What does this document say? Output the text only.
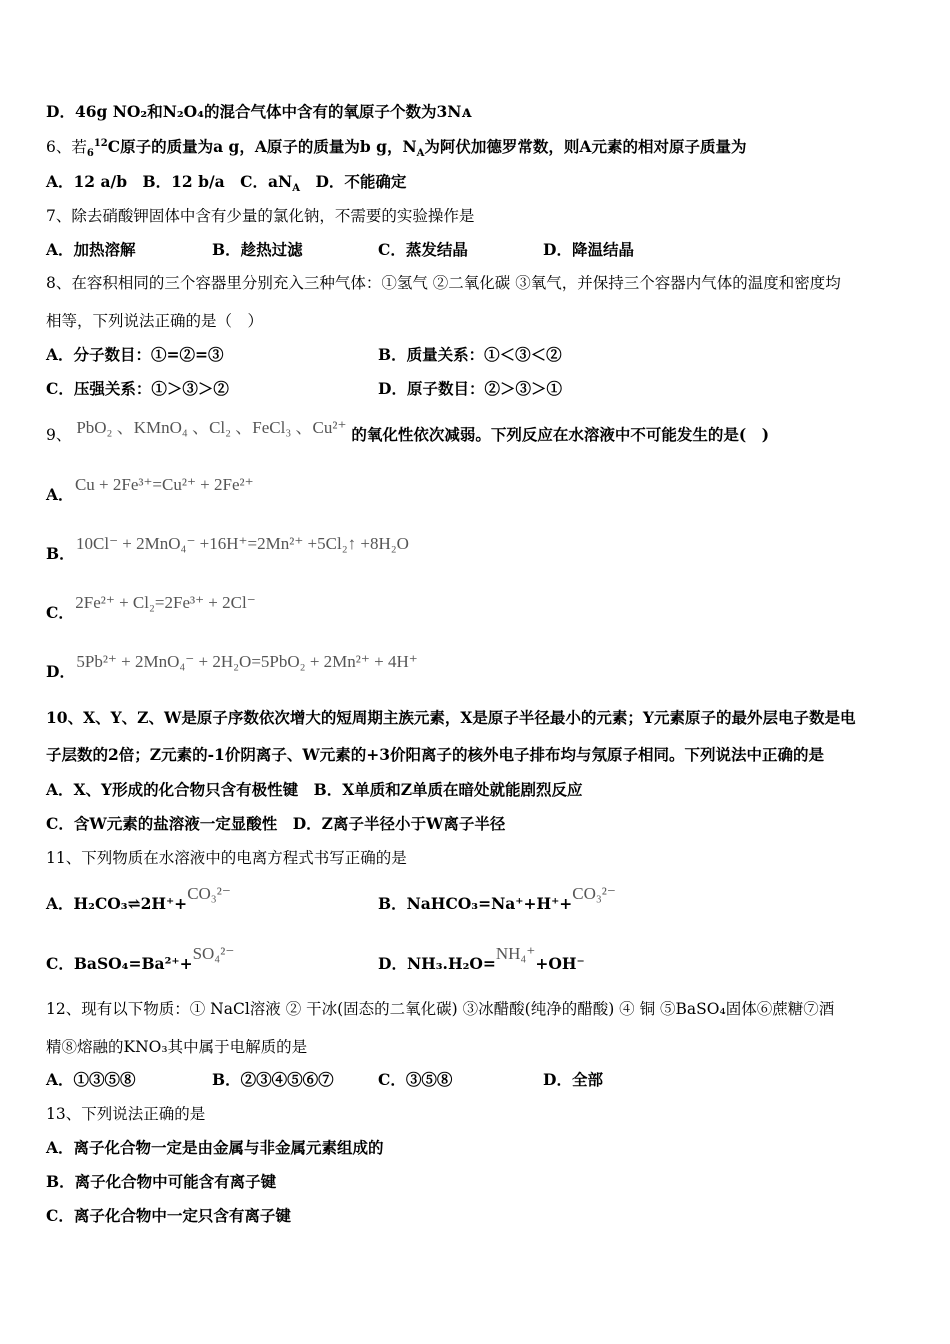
D．46g NO₂和N₂O₄的混合气体中含有的氧原子个数为3Nᴀ
6、若$_6^{12}$C原子的质量为a g，A原子的质量为b g，$N_A$为阿伏加德罗常数，则A元素的相对原子质量为
A．12 a/b　B．12 b/a　C．$aN_A$　D．不能确定
7、除去硝酸钾固体中含有少量的氯化钠，不需要的实验操作是
A．加热溶解	B．趁热过滤	C．蒸发结晶	D．降温结晶
8、在容积相同的三个容器里分别充入三种气体：①氢气 ②二氧化碳 ③氧气，并保持三个容器内气体的温度和密度均
相等，下列说法正确的是（　）
A．分子数目：①=②=③	B．质量关系：①＜③＜②
C．压强关系：①＞③＞②	D．原子数目：②＞③＞①
9、 PbO₂ 、KMnO₄ 、Cl₂ 、FeCl₃ 、Cu²⁺ 的氧化性依次减弱。下列反应在水溶液中不可能发生的是(　)
A． Cu + 2Fe³⁺=Cu²⁺ + 2Fe²⁺
B． 10Cl⁻ + 2MnO₄⁻ +16H⁺=2Mn²⁺ +5Cl₂↑ +8H₂O
C． 2Fe²⁺ + Cl₂=2Fe³⁺ + 2Cl⁻
D． 5Pb²⁺ + 2MnO₄⁻ + 2H₂O=5PbO₂ + 2Mn²⁺ + 4H⁺
10、X、Y、Z、W是原子序数依次增大的短周期主族元素，X是原子半径最小的元素；Y元素原子的最外层电子数是电
子层数的2倍；Z元素的-1价阴离子、W元素的+3价阳离子的核外电子排布均与氖原子相同。下列说法中正确的是
A．X、Y形成的化合物只含有极性键　B．X单质和Z单质在暗处就能剧烈反应
C．含W元素的盐溶液一定显酸性　D．Z离子半径小于W离子半径
11、下列物质在水溶液中的电离方程式书写正确的是
A．H₂CO₃⇌2H⁺+CO₃²⁻
B．NaHCO₃=Na⁺+H⁺+CO₃²⁻
C．BaSO₄=Ba²⁺+SO₄²⁻
D．NH₃.H₂O=NH₄⁺+OH⁻
12、现有以下物质：① NaCl溶液 ② 干冰(固态的二氧化碳) ③冰醋酸(纯净的醋酸) ④ 铜 ⑤BaSO₄固体⑥蔗糖⑦酒
精⑧熔融的KNO₃其中属于电解质的是
A．①③⑤⑧	B．②③④⑤⑥⑦	C．③⑤⑧	D．全部
13、下列说法正确的是
A．离子化合物一定是由金属与非金属元素组成的
B．离子化合物中可能含有离子键
C．离子化合物中一定只含有离子键
